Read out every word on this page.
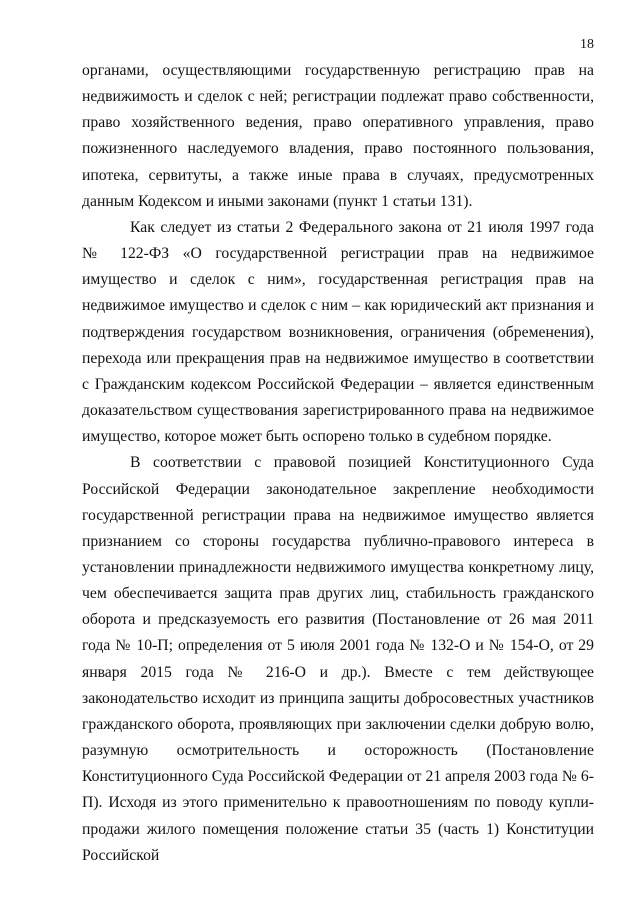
18

органами, осуществляющими государственную регистрацию прав на недвижимость и сделок с ней; регистрации подлежат право собственности, право хозяйственного ведения, право оперативного управления, право пожизненного наследуемого владения, право постоянного пользования, ипотека, сервитуты, а также иные права в случаях, предусмотренных данным Кодексом и иными законами (пункт 1 статьи 131).

Как следует из статьи 2 Федерального закона от 21 июля 1997 года № 122-ФЗ «О государственной регистрации прав на недвижимое имущество и сделок с ним», государственная регистрация прав на недвижимое имущество и сделок с ним – как юридический акт признания и подтверждения государством возникновения, ограничения (обременения), перехода или прекращения прав на недвижимое имущество в соответствии с Гражданским кодексом Российской Федерации – является единственным доказательством существования зарегистрированного права на недвижимое имущество, которое может быть оспорено только в судебном порядке.

В соответствии с правовой позицией Конституционного Суда Российской Федерации законодательное закрепление необходимости государственной регистрации права на недвижимое имущество является признанием со стороны государства публично-правового интереса в установлении принадлежности недвижимого имущества конкретному лицу, чем обеспечивается защита прав других лиц, стабильность гражданского оборота и предсказуемость его развития (Постановление от 26 мая 2011 года № 10-П; определения от 5 июля 2001 года № 132-О и № 154-О, от 29 января 2015 года № 216-О и др.). Вместе с тем действующее законодательство исходит из принципа защиты добросовестных участников гражданского оборота, проявляющих при заключении сделки добрую волю, разумную осмотрительность и осторожность (Постановление Конституционного Суда Российской Федерации от 21 апреля 2003 года № 6-П). Исходя из этого применительно к правоотношениям по поводу купли-продажи жилого помещения положение статьи 35 (часть 1) Конституции Российской
